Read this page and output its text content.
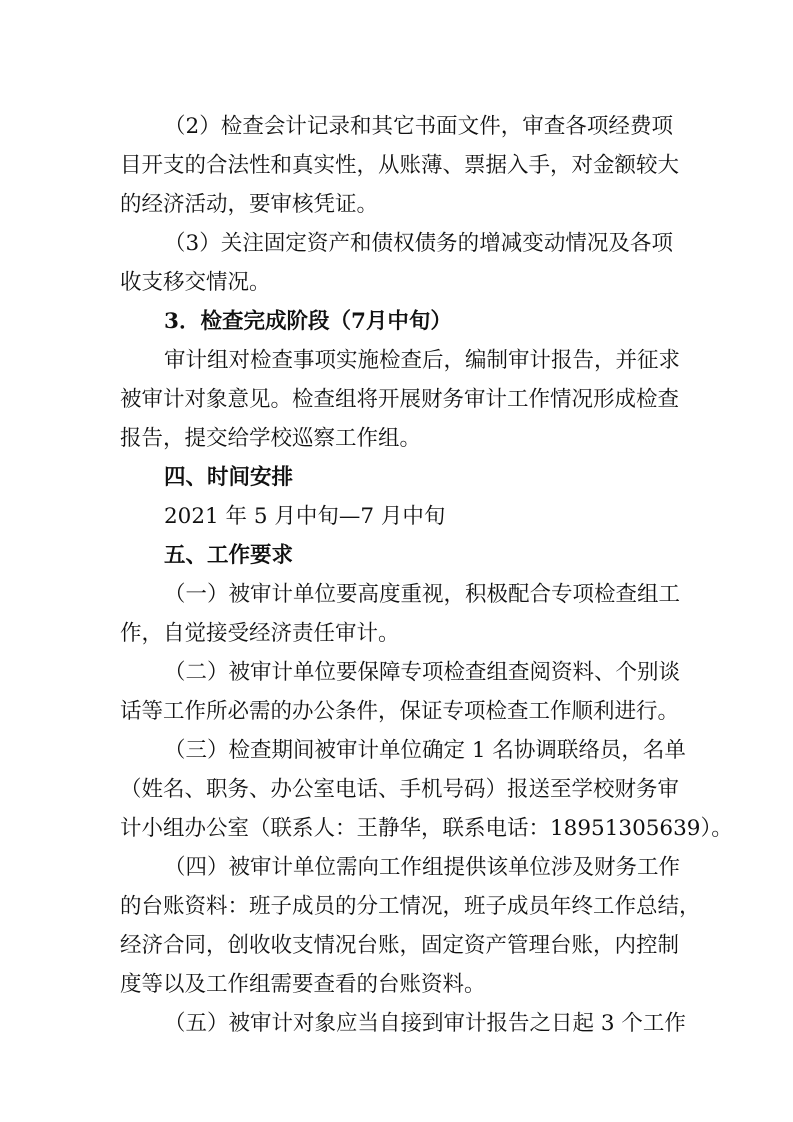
（2）检查会计记录和其它书面文件，审查各项经费项
目开支的合法性和真实性，从账薄、票据入手，对金额较大
的经济活动，要审核凭证。
（3）关注固定资产和债权债务的增减变动情况及各项
收支移交情况。
3．检查完成阶段（7月中旬）
审计组对检查事项实施检查后，编制审计报告，并征求
被审计对象意见。检查组将开展财务审计工作情况形成检查
报告，提交给学校巡察工作组。
四、时间安排
2021 年 5 月中旬—7 月中旬
五、工作要求
（一）被审计单位要高度重视，积极配合专项检查组工
作，自觉接受经济责任审计。
（二）被审计单位要保障专项检查组查阅资料、个别谈
话等工作所必需的办公条件，保证专项检查工作顺利进行。
（三）检查期间被审计单位确定 1 名协调联络员，名单
（姓名、职务、办公室电话、手机号码）报送至学校财务审
计小组办公室（联系人：王静华，联系电话：18951305639）。
（四）被审计单位需向工作组提供该单位涉及财务工作
的台账资料：班子成员的分工情况，班子成员年终工作总结，
经济合同，创收收支情况台账，固定资产管理台账，内控制
度等以及工作组需要查看的台账资料。
（五）被审计对象应当自接到审计报告之日起 3 个工作
